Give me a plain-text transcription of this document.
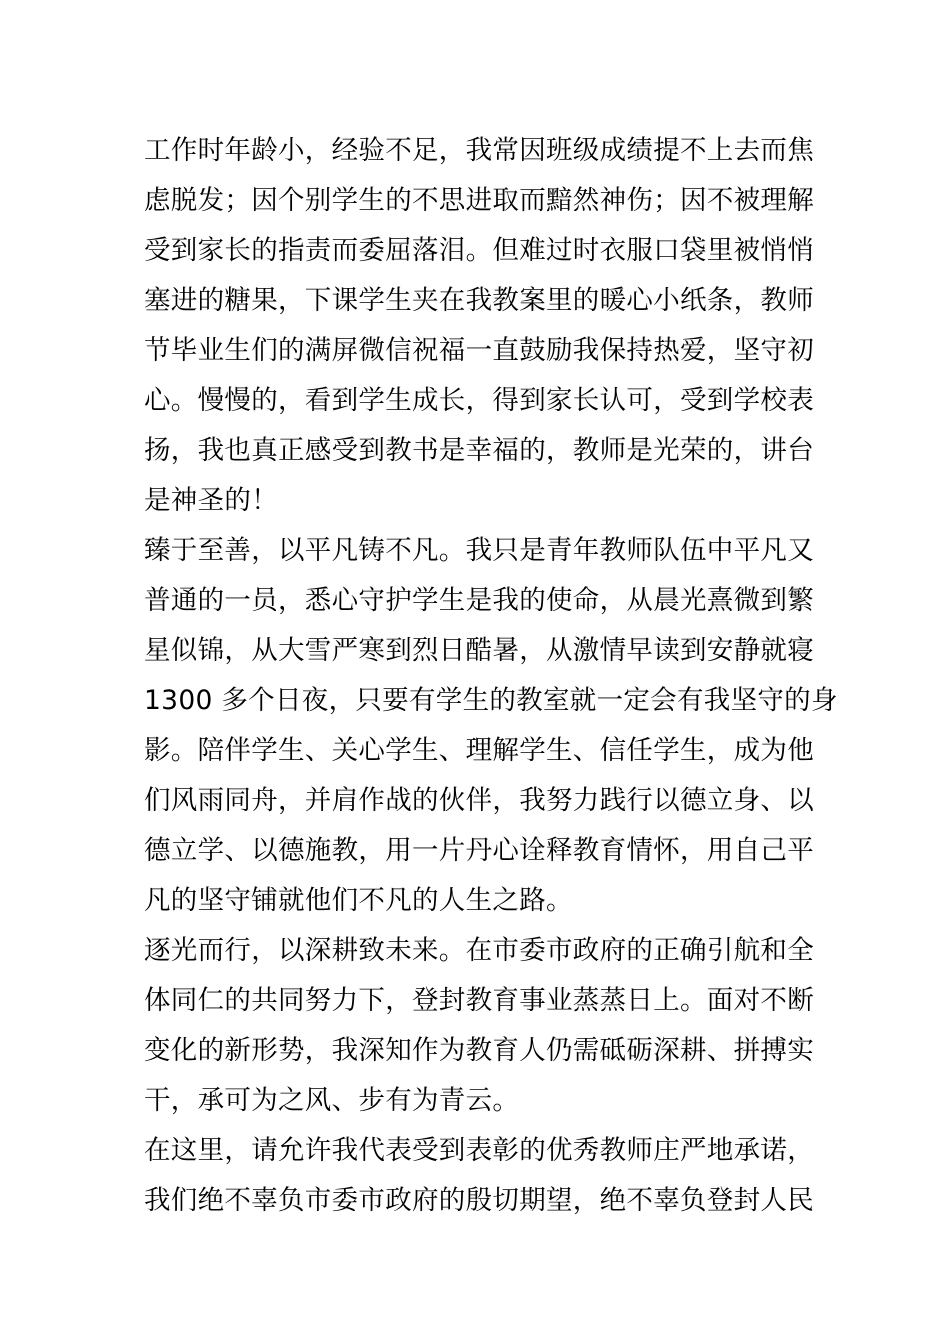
工作时年龄小，经验不足，我常因班级成绩提不上去而焦
虑脱发；因个别学生的不思进取而黯然神伤；因不被理解
受到家长的指责而委屈落泪。但难过时衣服口袋里被悄悄
塞进的糖果，下课学生夹在我教案里的暖心小纸条，教师
节毕业生们的满屏微信祝福一直鼓励我保持热爱，坚守初
心。慢慢的，看到学生成长，得到家长认可，受到学校表
扬，我也真正感受到教书是幸福的，教师是光荣的，讲台
是神圣的！
臻于至善，以平凡铸不凡。我只是青年教师队伍中平凡又
普通的一员，悉心守护学生是我的使命，从晨光熹微到繁
星似锦，从大雪严寒到烈日酷暑，从激情早读到安静就寝
1300 多个日夜，只要有学生的教室就一定会有我坚守的身
影。陪伴学生、关心学生、理解学生、信任学生，成为他
们风雨同舟，并肩作战的伙伴，我努力践行以德立身、以
德立学、以德施教，用一片丹心诠释教育情怀，用自己平
凡的坚守铺就他们不凡的人生之路。
逐光而行，以深耕致未来。在市委市政府的正确引航和全
体同仁的共同努力下，登封教育事业蒸蒸日上。面对不断
变化的新形势，我深知作为教育人仍需砥砺深耕、拼搏实
干，承可为之风、步有为青云。
在这里，请允许我代表受到表彰的优秀教师庄严地承诺，
我们绝不辜负市委市政府的殷切期望，绝不辜负登封人民
